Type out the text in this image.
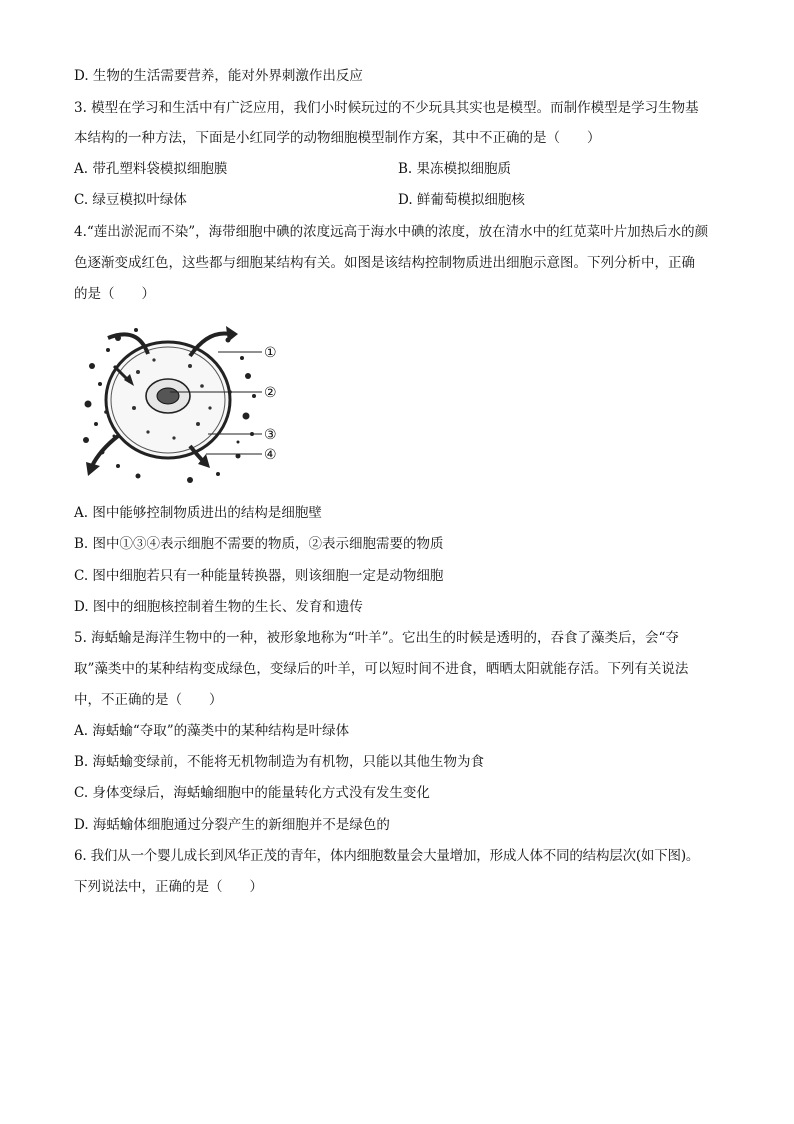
D. 生物的生活需要营养，能对外界刺激作出反应
3. 模型在学习和生活中有广泛应用，我们小时候玩过的不少玩具其实也是模型。而制作模型是学习生物基
本结构的一种方法，下面是小红同学的动物细胞模型制作方案，其中不正确的是（　　）
A. 带孔塑料袋模拟细胞膜	B. 果冻模拟细胞质
C. 绿豆模拟叶绿体	D. 鲜葡萄模拟细胞核
4.“莲出淤泥而不染”，海带细胞中碘的浓度远高于海水中碘的浓度，放在清水中的红苋菜叶片加热后水的颜
色逐渐变成红色，这些都与细胞某结构有关。如图是该结构控制物质进出细胞示意图。下列分析中，正确
的是（　　）
①
②
③
④
A. 图中能够控制物质进出的结构是细胞壁
B. 图中①③④表示细胞不需要的物质，②表示细胞需要的物质
C. 图中细胞若只有一种能量转换器，则该细胞一定是动物细胞
D. 图中的细胞核控制着生物的生长、发育和遗传
5. 海蛞蝓是海洋生物中的一种，被形象地称为“叶羊”。它出生的时候是透明的，吞食了藻类后，会“夺
取”藻类中的某种结构变成绿色，变绿后的叶羊，可以短时间不进食，晒晒太阳就能存活。下列有关说法
中，不正确的是（　　）
A. 海蛞蝓“夺取”的藻类中的某种结构是叶绿体
B. 海蛞蝓变绿前，不能将无机物制造为有机物，只能以其他生物为食
C. 身体变绿后，海蛞蝓细胞中的能量转化方式没有发生变化
D. 海蛞蝓体细胞通过分裂产生的新细胞并不是绿色的
6. 我们从一个婴儿成长到风华正茂的青年，体内细胞数量会大量增加，形成人体不同的结构层次(如下图)。
下列说法中，正确的是（　　）
